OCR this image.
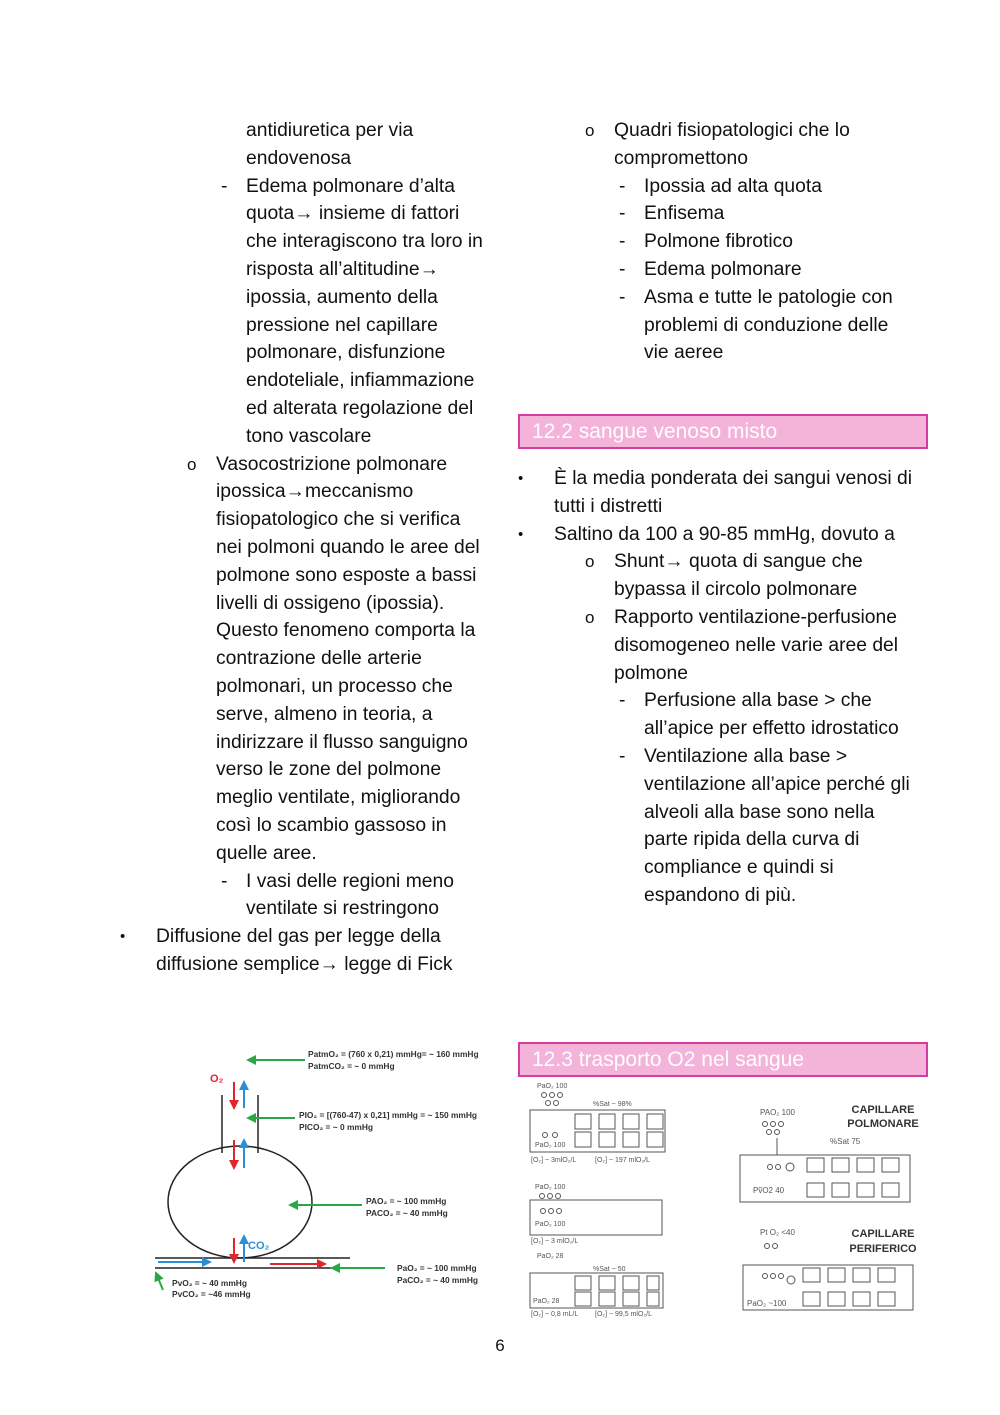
antidiuretica per via endovenosa
- Edema polmonare d’alta quota→ insieme di fattori che interagiscono tra loro in risposta all’altitudine→ ipossia, aumento della pressione nel capillare polmonare, disfunzione endoteliale, infiammazione ed alterata regolazione del tono vascolare
o Vasocostrizione polmonare ipossica→meccanismo fisiopatologico che si verifica nei polmoni quando le aree del polmone sono esposte a bassi livelli di ossigeno (ipossia). Questo fenomeno comporta la contrazione delle arterie polmonari, un processo che serve, almeno in teoria, a indirizzare il flusso sanguigno verso le zone del polmone meglio ventilate, migliorando così lo scambio gassoso in quelle aree.
- I vasi delle regioni meno ventilate si restringono
• Diffusione del gas per legge della diffusione semplice→ legge di Fick
o Quadri fisiopatologici che lo compromettono
- Ipossia ad alta quota
- Enfisema
- Polmone fibrotico
- Edema polmonare
- Asma e tutte le patologie con problemi di conduzione delle vie aeree
12.2 sangue venoso misto
• È la media ponderata dei sangui venosi di tutti i distretti
• Saltino da 100 a 90-85 mmHg, dovuto a
o Shunt→ quota di sangue che bypassa il circolo polmonare
o Rapporto ventilazione-perfusione disomogeneo nelle varie aree del polmone
- Perfusione alla base > che all’apice per effetto idrostatico
- Ventilazione alla base > ventilazione all’apice perché gli alveoli alla base sono nella parte ripida della curva di compliance e quindi si espandono di più.
12.3 trasporto O2 nel sangue
O₂
CO₂
PatmO₂ = (760 x 0,21) mmHg= ~ 160 mmHg
PatmCO₂ = ~ 0 mmHg
PIO₂ = [(760-47) x 0,21] mmHg = ~ 150 mmHg
PICO₂ = ~ 0 mmHg
PAO₂ = ~ 100 mmHg
PACO₂ = ~ 40 mmHg
PaO₂ = ~ 100 mmHg
PaCO₂ = ~ 40 mmHg
PvO₂ = ~ 40 mmHg
PvCO₂ = ~46 mmHg
PaO₂ 100
%Sat ~ 98%
PaO₂ 100
[O₂] ~ 3mlO₂/L	[O₂] ~ 197 mlO₂/L
PaO₂ 100
PaO₂ 100
[O₂] ~ 3 mlO₂/L
PaO₂ 28
%Sat ~ 50
PaO₂ 28
[O₂] ~ 0,8 mL/L [O₂] ~ 99,5 mlO₂/L
PAO₂ 100
%Sat 75
PṽO2 40
Pt O₂ <40
PaO₂ ~100
CAPILLARE
POLMONARE
CAPILLARE
PERIFERICO
6
